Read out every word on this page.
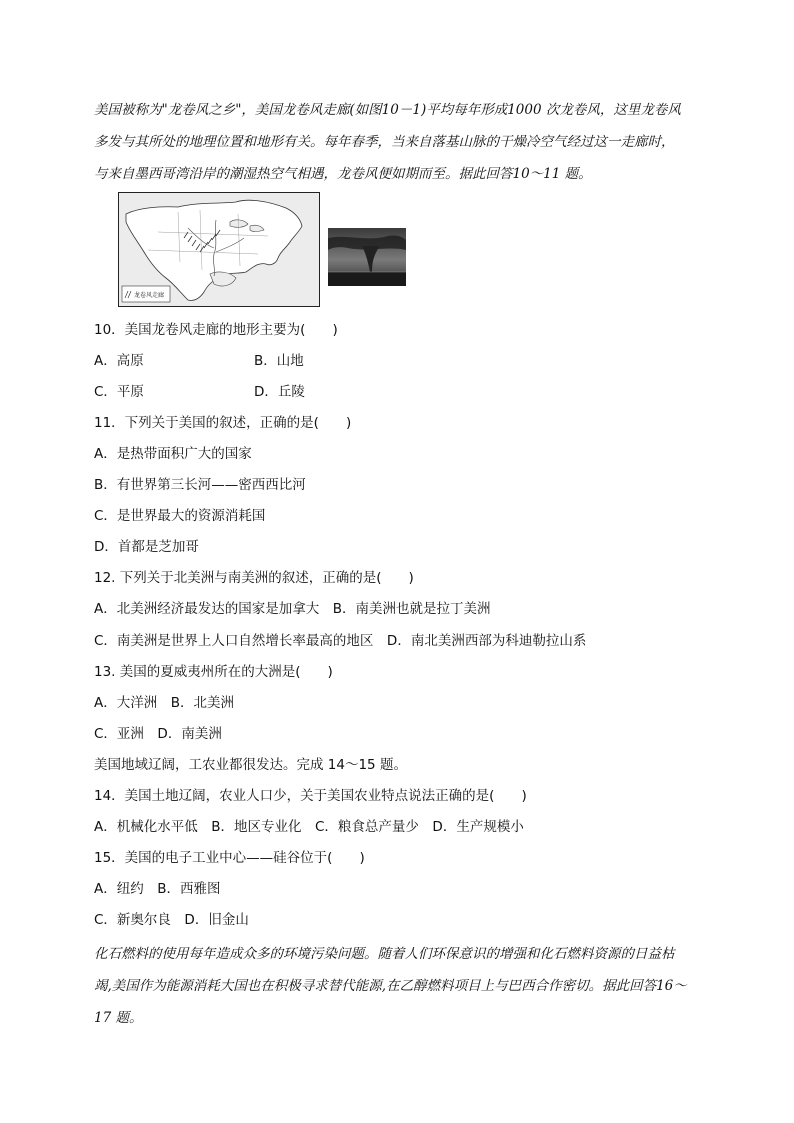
美国被称为"龙卷风之乡"，美国龙卷风走廊(如图10－1)平均每年形成1000 次龙卷风，这里龙卷风
多发与其所处的地理位置和地形有关。每年春季，当来自落基山脉的干燥冷空气经过这一走廊时，
与来自墨西哥湾沿岸的潮湿热空气相遇，龙卷风便如期而至。据此回答10～11 题。
龙卷风走廊
10．美国龙卷风走廊的地形主要为(　　)
A．高原	B．山地
C．平原	D．丘陵
11．下列关于美国的叙述，正确的是(　　)
A．是热带面积广大的国家
B．有世界第三长河——密西西比河
C．是世界最大的资源消耗国
D．首都是芝加哥
12. 下列关于北美洲与南美洲的叙述，正确的是(　　)
A．北美洲经济最发达的国家是加拿大　B．南美洲也就是拉丁美洲
C．南美洲是世界上人口自然增长率最高的地区　D．南北美洲西部为科迪勒拉山系
13. 美国的夏威夷州所在的大洲是(　　)
A．大洋洲　B．北美洲
C．亚洲　D．南美洲
美国地域辽阔，工农业都很发达。完成 14～15 题。
14．美国土地辽阔，农业人口少，关于美国农业特点说法正确的是(　　)
A．机械化水平低　B．地区专业化　C．粮食总产量少　D．生产规模小
15．美国的电子工业中心——硅谷位于(　　)
A．纽约　B．西雅图
C．新奥尔良　D．旧金山
化石燃料的使用每年造成众多的环境污染问题。随着人们环保意识的增强和化石燃料资源的日益枯
竭,美国作为能源消耗大国也在积极寻求替代能源,在乙醇燃料项目上与巴西合作密切。据此回答16～
17 题。
